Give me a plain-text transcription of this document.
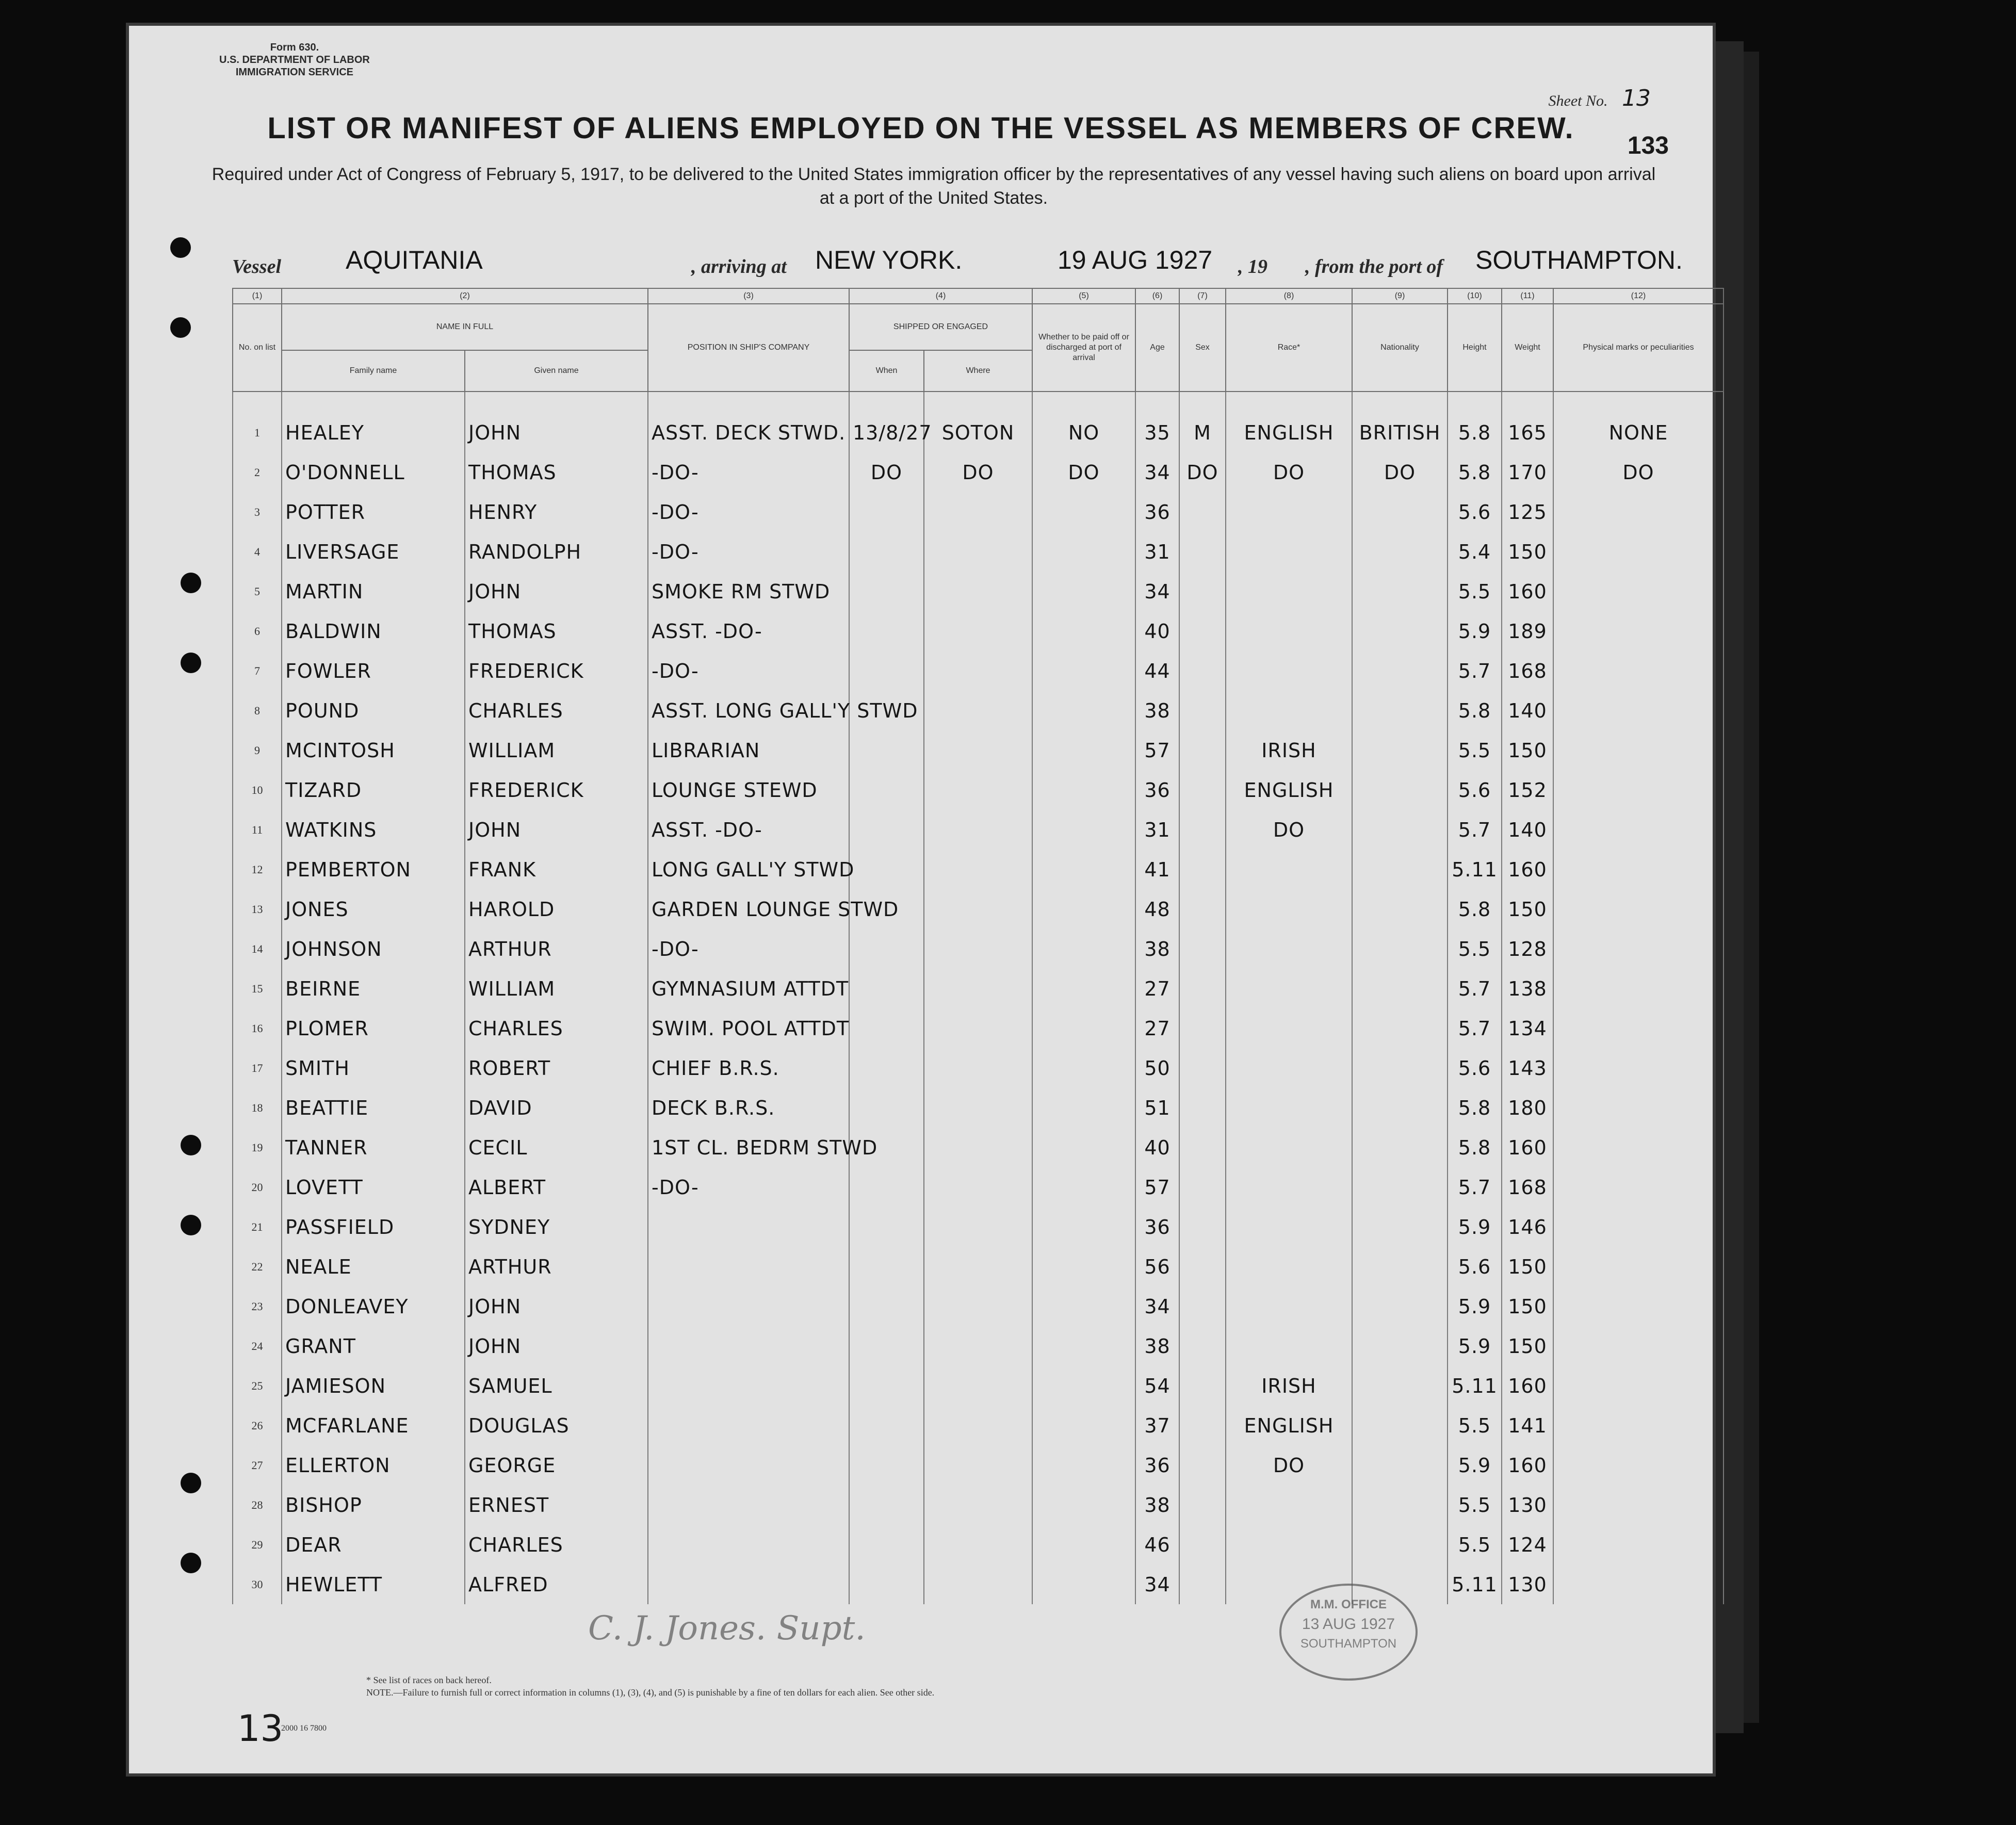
Form 630.
U.S. DEPARTMENT OF LABOR
IMMIGRATION SERVICE
Sheet No. 13
133
LIST OR MANIFEST OF ALIENS EMPLOYED ON THE VESSEL AS MEMBERS OF CREW.
Required under Act of Congress of February 5, 1917, to be delivered to the United States immigration officer by the representatives of any vessel having such aliens on board upon arrival at a port of the United States.
Vessel	AQUITANIA	, arriving at NEW YORK.	19 AUG 1927 , 19 , from the port of SOUTHAMPTON.
(1)	(2)		(3)	(4)		(5)	(6)	(7)	(8)	(9)	(10)	(11)	(12)
No. on list	NAME IN FULL		POSITION IN SHIP'S COMPANY	SHIPPED OR ENGAGED		Whether to be paid off or discharged at port of arrival	Age	Sex	Race*	Nationality	Height	Weight	Physical marks or peculiarities
	Family name	Given name		When	Where								

1	HEALEY	JOHN	ASST. DECK STWD.	13/8/27	SOTON	NO	35	M	ENGLISH	BRITISH	5.8	165	NONE
2	O'DONNELL	THOMAS	-DO-	DO	DO	DO	34	DO	DO	DO	5.8	170	DO
3	POTTER	HENRY	-DO-				36				5.6	125	
4	LIVERSAGE	RANDOLPH	-DO-				31				5.4	150	
5	MARTIN	JOHN	SMOKE RM STWD				34				5.5	160	
6	BALDWIN	THOMAS	ASST. -DO-				40				5.9	189	
7	FOWLER	FREDERICK	-DO-				44				5.7	168	
8	POUND	CHARLES	ASST. LONG GALL'Y STWD				38				5.8	140	
9	MCINTOSH	WILLIAM	LIBRARIAN				57		IRISH		5.5	150	
10	TIZARD	FREDERICK	LOUNGE STEWD				36		ENGLISH		5.6	152	
11	WATKINS	JOHN	ASST. -DO-				31		DO		5.7	140	
12	PEMBERTON	FRANK	LONG GALL'Y STWD				41				5.11	160	
13	JONES	HAROLD	GARDEN LOUNGE STWD				48				5.8	150	
14	JOHNSON	ARTHUR	-DO-				38				5.5	128	
15	BEIRNE	WILLIAM	GYMNASIUM ATTDT				27				5.7	138	
16	PLOMER	CHARLES	SWIM. POOL ATTDT				27				5.7	134	
17	SMITH	ROBERT	CHIEF B.R.S.				50				5.6	143	
18	BEATTIE	DAVID	DECK B.R.S.				51				5.8	180	
19	TANNER	CECIL	1ST CL. BEDRM STWD				40				5.8	160	
20	LOVETT	ALBERT	-DO-				57				5.7	168	
21	PASSFIELD	SYDNEY					36				5.9	146	
22	NEALE	ARTHUR					56				5.6	150	
23	DONLEAVEY	JOHN					34				5.9	150	
24	GRANT	JOHN					38				5.9	150	
25	JAMIESON	SAMUEL					54		IRISH		5.11	160	
26	MCFARLANE	DOUGLAS					37		ENGLISH		5.5	141	
27	ELLERTON	GEORGE					36		DO		5.9	160	
28	BISHOP	ERNEST					38				5.5	130	
29	DEAR	CHARLES					46				5.5	124	
30	HEWLETT	ALFRED					34				5.11	130	
C. J. Jones. Supt.
M.M. OFFICE
13 AUG 1927
SOUTHAMPTON
* See list of races on back hereof.
NOTE.—Failure to furnish full or correct information in columns (1), (3), (4), and (5) is punishable by a fine of ten dollars for each alien. See other side.
13
2000 16 7800
